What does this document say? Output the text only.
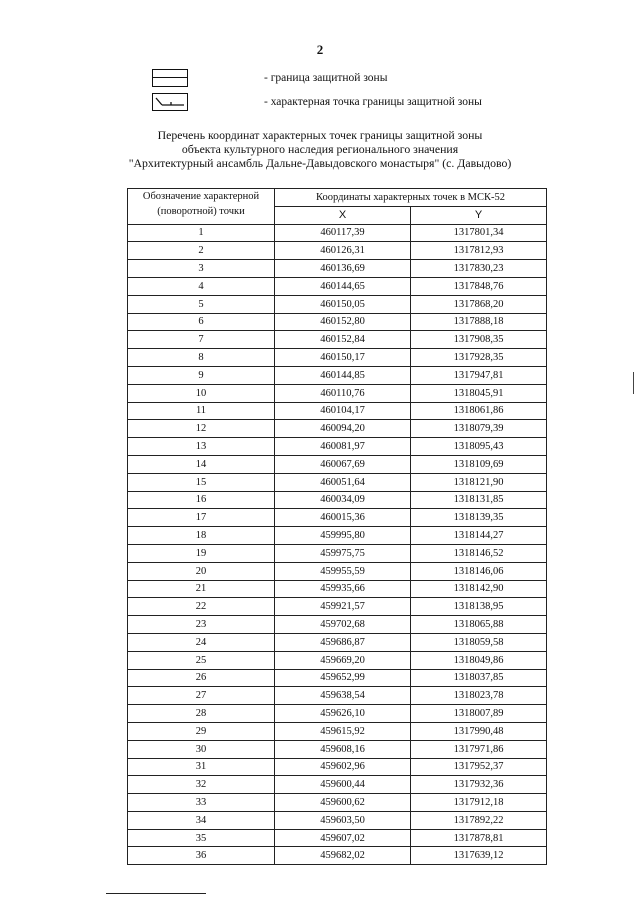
2
- граница защитной зоны
- характерная точка границы защитной зоны
Перечень координат характерных точек границы защитной зоны
объекта культурного наследия регионального значения
"Архитектурный ансамбль Дальне-Давыдовского монастыря" (с. Давыдово)
Обозначение характерной (поворотной) точки	Координаты характерных точек в МСК-52	
	X	Y
1	460117,39	1317801,34
2	460126,31	1317812,93
3	460136,69	1317830,23
4	460144,65	1317848,76
5	460150,05	1317868,20
6	460152,80	1317888,18
7	460152,84	1317908,35
8	460150,17	1317928,35
9	460144,85	1317947,81
10	460110,76	1318045,91
11	460104,17	1318061,86
12	460094,20	1318079,39
13	460081,97	1318095,43
14	460067,69	1318109,69
15	460051,64	1318121,90
16	460034,09	1318131,85
17	460015,36	1318139,35
18	459995,80	1318144,27
19	459975,75	1318146,52
20	459955,59	1318146,06
21	459935,66	1318142,90
22	459921,57	1318138,95
23	459702,68	1318065,88
24	459686,87	1318059,58
25	459669,20	1318049,86
26	459652,99	1318037,85
27	459638,54	1318023,78
28	459626,10	1318007,89
29	459615,92	1317990,48
30	459608,16	1317971,86
31	459602,96	1317952,37
32	459600,44	1317932,36
33	459600,62	1317912,18
34	459603,50	1317892,22
35	459607,02	1317878,81
36	459682,02	1317639,12
